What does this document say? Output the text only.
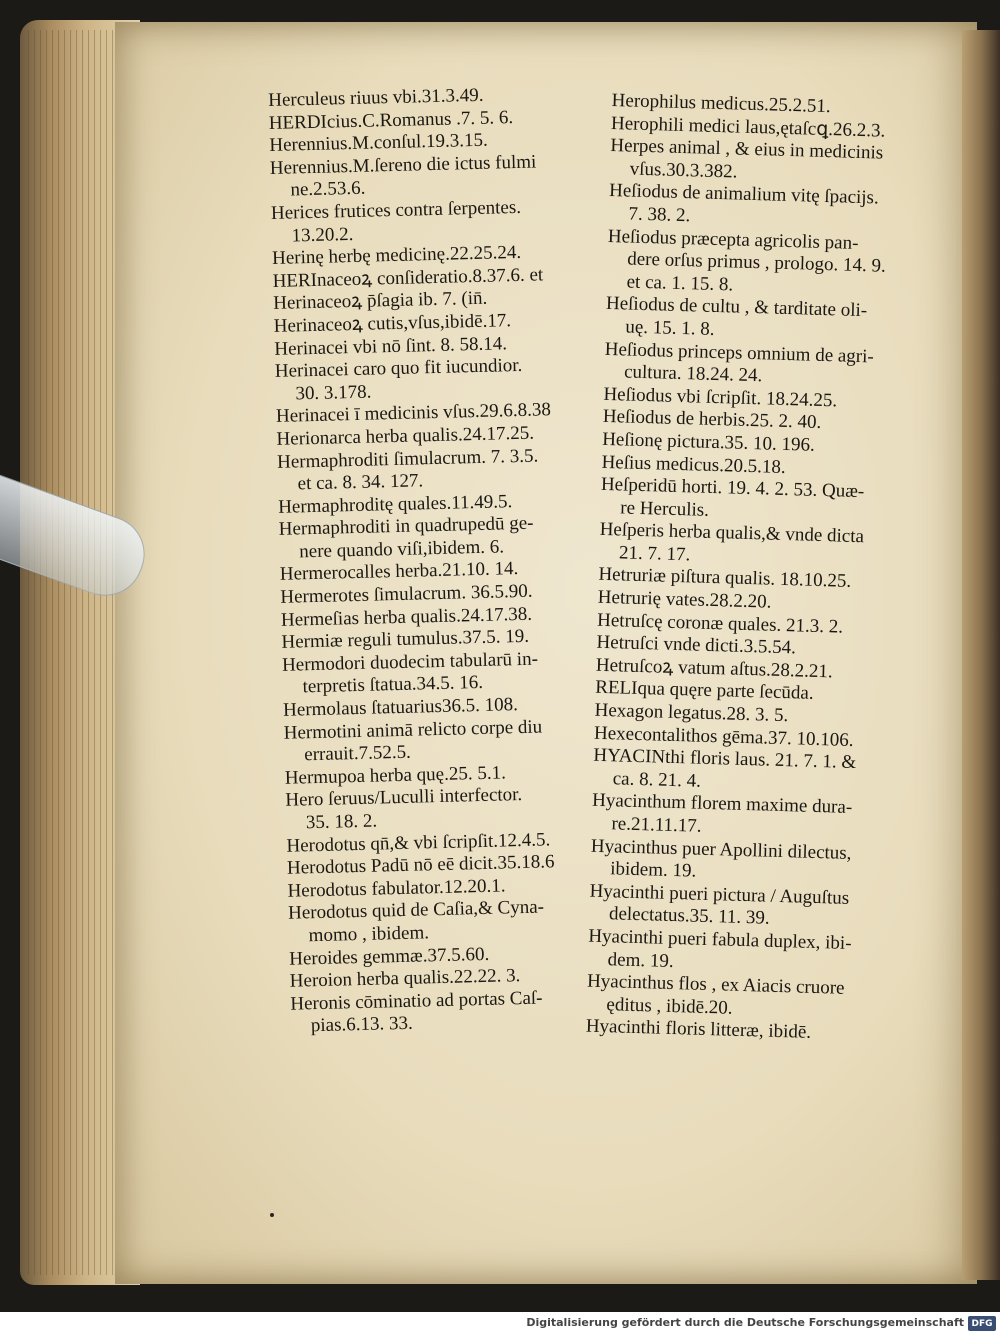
Herculeus riuus vbi.31.3.49.
HERDIcius.C.Romanus .7. 5. 6.
Herennius.M.conſul.19.3.15.
Herennius.M.ſereno die ictus fulmi
ne.2.53.6.
Herices frutices contra ſerpentes.
13.20.2.
Herinę herbę medicinę.22.25.24.
HERInaceoꝝ conſideratio.8.37.6. et
Herinaceoꝝ p̄ſagia ib. 7. (in̄.
Herinaceoꝝ cutis,vſus,ibidē.17.
Herinacei vbi nō ſint. 8. 58.14.
Herinacei caro quo fit iucundior.
30. 3.178.
Herinacei ī medicinis vſus.29.6.8.38
Herionarca herba qualis.24.17.25.
Hermaphroditi ſimulacrum. 7. 3.5.
et ca. 8. 34. 127.
Hermaphroditę quales.11.49.5.
Hermaphroditi in quadrupedū ge-
nere quando viſi,ibidem. 6.
Hermerocalles herba.21.10. 14.
Hermerotes ſimulacrum. 36.5.90.
Hermeſias herba qualis.24.17.38.
Hermiæ reguli tumulus.37.5. 19.
Hermodori duodecim tabularū in-
terpretis ſtatua.34.5. 16.
Hermolaus ſtatuarius36.5. 108.
Hermotini animā relicto corpe diu
errauit.7.52.5.
Hermupoa herba quę.25. 5.1.
Hero ſeruus/Luculli interfector.
35. 18. 2.
Herodotus qn̄,& vbi ſcripſit.12.4.5.
Herodotus Padū nō eē dicit.35.18.6
Herodotus fabulator.12.20.1.
Herodotus quid de Caſia,& Cyna-
momo , ibidem.
Heroides gemmæ.37.5.60.
Heroion herba qualis.22.22. 3.
Heronis cōminatio ad portas Caſ-
pias.6.13. 33.
Herophilus medicus.25.2.51.
Herophili medici laus,ętaſcꝗ.26.2.3.
Herpes animal , & eius in medicinis
vſus.30.3.382.
Heſiodus de animalium vitę ſpacijs.
7. 38. 2.
Heſiodus præcepta agricolis pan-
dere orſus primus , prologo. 14. 9.
et ca. 1. 15. 8.
Heſiodus de cultu , & tarditate oli-
uę. 15. 1. 8.
Heſiodus princeps omnium de agri-
cultura. 18.24. 24.
Heſiodus vbi ſcripſit. 18.24.25.
Heſiodus de herbis.25. 2. 40.
Heſionę pictura.35. 10. 196.
Heſius medicus.20.5.18.
Heſperidū horti. 19. 4. 2. 53. Quæ-
re Herculis.
Heſperis herba qualis,& vnde dicta
21. 7. 17.
Hetruriæ piſtura qualis. 18.10.25.
Hetrurię vates.28.2.20.
Hetruſcę coronæ quales. 21.3. 2.
Hetruſci vnde dicti.3.5.54.
Hetruſcoꝝ vatum aſtus.28.2.21.
RELIqua quęre parte ſecūda.
Hexagon legatus.28. 3. 5.
Hexecontalithos gēma.37. 10.106.
HYACINthi floris laus. 21. 7. 1. &
ca. 8. 21. 4.
Hyacinthum florem maxime dura-
re.21.11.17.
Hyacinthus puer Apollini dilectus,
ibidem. 19.
Hyacinthi pueri pictura / Auguſtus
delectatus.35. 11. 39.
Hyacinthi pueri fabula duplex, ibi-
dem. 19.
Hyacinthus flos , ex Aiacis cruore
ęditus , ibidē.20.
Hyacinthi floris litteræ, ibidē.
Digitalisierung gefördert durch die Deutsche Forschungsgemeinschaft DFG
